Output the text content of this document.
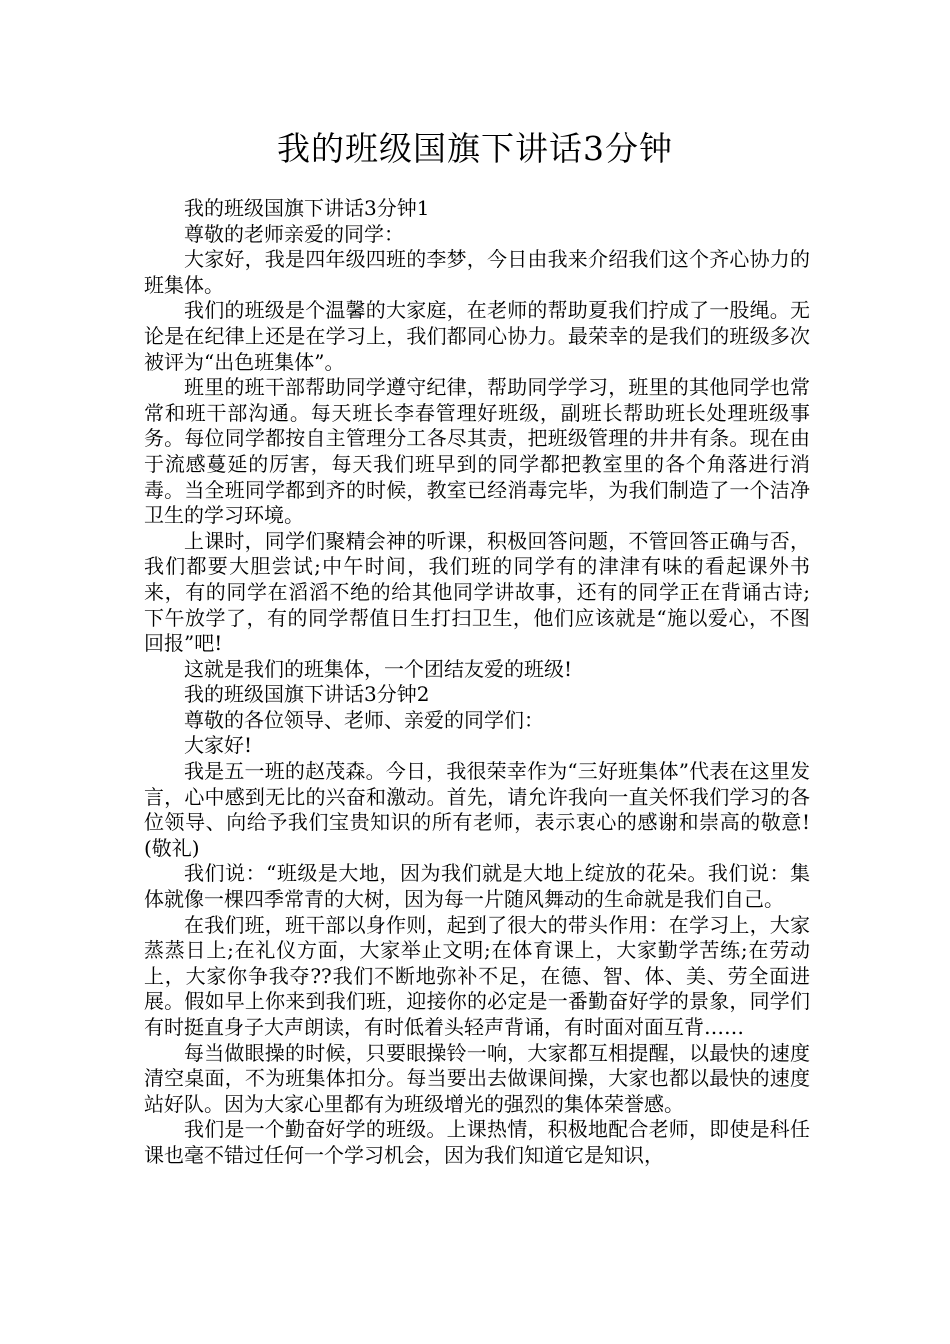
我的班级国旗下讲话3分钟

我的班级国旗下讲话3分钟1

尊敬的老师亲爱的同学：

大家好，我是四年级四班的李梦，今日由我来介绍我们这个齐心协力的班集体。

我们的班级是个温馨的大家庭，在老师的帮助夏我们拧成了一股绳。无论是在纪律上还是在学习上，我们都同心协力。最荣幸的是我们的班级多次被评为“出色班集体”。

班里的班干部帮助同学遵守纪律，帮助同学学习，班里的其他同学也常常和班干部沟通。每天班长李春管理好班级，副班长帮助班长处理班级事务。每位同学都按自主管理分工各尽其责，把班级管理的井井有条。现在由于流感蔓延的厉害，每天我们班早到的同学都把教室里的各个角落进行消毒。当全班同学都到齐的时候，教室已经消毒完毕，为我们制造了一个洁净卫生的学习环境。

上课时，同学们聚精会神的听课，积极回答问题，不管回答正确与否，我们都要大胆尝试;中午时间，我们班的同学有的津津有味的看起课外书来，有的同学在滔滔不绝的给其他同学讲故事，还有的同学正在背诵古诗;下午放学了，有的同学帮值日生打扫卫生，他们应该就是“施以爱心，不图回报”吧!

这就是我们的班集体，一个团结友爱的班级!

我的班级国旗下讲话3分钟2

尊敬的各位领导、老师、亲爱的同学们：

大家好!

我是五一班的赵茂森。今日，我很荣幸作为“三好班集体”代表在这里发言，心中感到无比的兴奋和激动。首先，请允许我向一直关怀我们学习的各位领导、向给予我们宝贵知识的所有老师，表示衷心的感谢和崇高的敬意!(敬礼)

我们说：“班级是大地，因为我们就是大地上绽放的花朵。我们说：集体就像一棵四季常青的大树，因为每一片随风舞动的生命就是我们自己。

在我们班，班干部以身作则，起到了很大的带头作用：在学习上，大家蒸蒸日上;在礼仪方面，大家举止文明;在体育课上，大家勤学苦练;在劳动上，大家你争我夺??我们不断地弥补不足，在德、智、体、美、劳全面进展。假如早上你来到我们班，迎接你的必定是一番勤奋好学的景象，同学们有时挺直身子大声朗读，有时低着头轻声背诵，有时面对面互背……

每当做眼操的时候，只要眼操铃一响，大家都互相提醒，以最快的速度清空桌面，不为班集体扣分。每当要出去做课间操，大家也都以最快的速度站好队。因为大家心里都有为班级增光的强烈的集体荣誉感。

我们是一个勤奋好学的班级。上课热情，积极地配合老师，即使是科任课也毫不错过任何一个学习机会，因为我们知道它是知识，
